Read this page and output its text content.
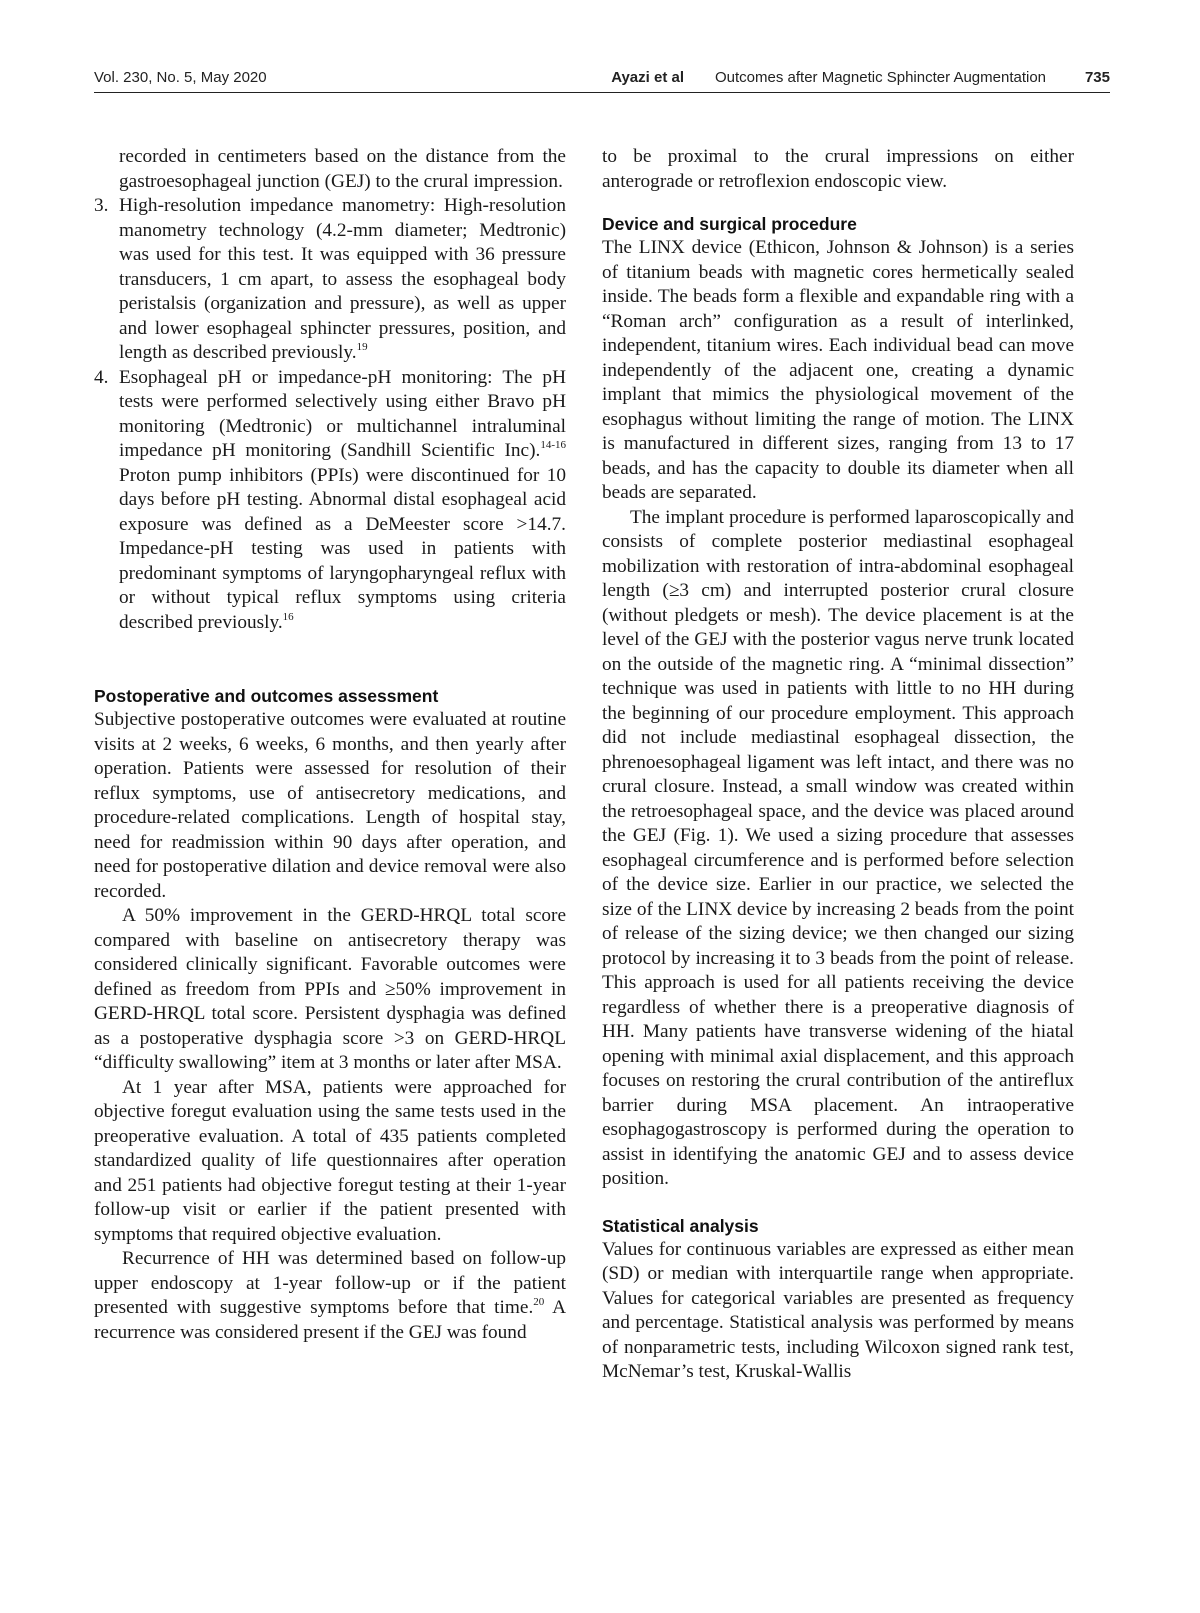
Vol. 230, No. 5, May 2020	Ayazi et al Outcomes after Magnetic Sphincter Augmentation	735

recorded in centimeters based on the distance from the gastroesophageal junction (GEJ) to the crural impression.

3. High-resolution impedance manometry: High-resolution manometry technology (4.2-mm diameter; Medtronic) was used for this test. It was equipped with 36 pressure transducers, 1 cm apart, to assess the esophageal body peristalsis (organization and pressure), as well as upper and lower esophageal sphincter pressures, position, and length as described previously.$^{19}$
4. Esophageal pH or impedance-pH monitoring: The pH tests were performed selectively using either Bravo pH monitoring (Medtronic) or multichannel intraluminal impedance pH monitoring (Sandhill Scientific Inc).$^{14-16}$ Proton pump inhibitors (PPIs) were discontinued for 10 days before pH testing. Abnormal distal esophageal acid exposure was defined as a DeMeester score >14.7. Impedance-pH testing was used in patients with predominant symptoms of laryngopharyngeal reflux with or without typical reflux symptoms using criteria described previously.$^{16}$
Postoperative and outcomes assessment

Subjective postoperative outcomes were evaluated at routine visits at 2 weeks, 6 weeks, 6 months, and then yearly after operation. Patients were assessed for resolution of their reflux symptoms, use of antisecretory medications, and procedure-related complications. Length of hospital stay, need for readmission within 90 days after operation, and need for postoperative dilation and device removal were also recorded.

A 50% improvement in the GERD-HRQL total score compared with baseline on antisecretory therapy was considered clinically significant. Favorable outcomes were defined as freedom from PPIs and ≥50% improvement in GERD-HRQL total score. Persistent dysphagia was defined as a postoperative dysphagia score >3 on GERD-HRQL “difficulty swallowing” item at 3 months or later after MSA.

At 1 year after MSA, patients were approached for objective foregut evaluation using the same tests used in the preoperative evaluation. A total of 435 patients completed standardized quality of life questionnaires after operation and 251 patients had objective foregut testing at their 1-year follow-up visit or earlier if the patient presented with symptoms that required objective evaluation.

Recurrence of HH was determined based on follow-up upper endoscopy at 1-year follow-up or if the patient presented with suggestive symptoms before that time.$^{20}$ A recurrence was considered present if the GEJ was found

to be proximal to the crural impressions on either anterograde or retroflexion endoscopic view.

Device and surgical procedure

The LINX device (Ethicon, Johnson & Johnson) is a series of titanium beads with magnetic cores hermetically sealed inside. The beads form a flexible and expandable ring with a “Roman arch” configuration as a result of interlinked, independent, titanium wires. Each individual bead can move independently of the adjacent one, creating a dynamic implant that mimics the physiological movement of the esophagus without limiting the range of motion. The LINX is manufactured in different sizes, ranging from 13 to 17 beads, and has the capacity to double its diameter when all beads are separated.

The implant procedure is performed laparoscopically and consists of complete posterior mediastinal esophageal mobilization with restoration of intra-abdominal esophageal length (≥3 cm) and interrupted posterior crural closure (without pledgets or mesh). The device placement is at the level of the GEJ with the posterior vagus nerve trunk located on the outside of the magnetic ring. A “minimal dissection” technique was used in patients with little to no HH during the beginning of our procedure employment. This approach did not include mediastinal esophageal dissection, the phrenoesophageal ligament was left intact, and there was no crural closure. Instead, a small window was created within the retroesophageal space, and the device was placed around the GEJ (Fig. 1). We used a sizing procedure that assesses esophageal circumference and is performed before selection of the device size. Earlier in our practice, we selected the size of the LINX device by increasing 2 beads from the point of release of the sizing device; we then changed our sizing protocol by increasing it to 3 beads from the point of release. This approach is used for all patients receiving the device regardless of whether there is a preoperative diagnosis of HH. Many patients have transverse widening of the hiatal opening with minimal axial displacement, and this approach focuses on restoring the crural contribution of the antireflux barrier during MSA placement. An intraoperative esophagogastroscopy is performed during the operation to assist in identifying the anatomic GEJ and to assess device position.

Statistical analysis

Values for continuous variables are expressed as either mean (SD) or median with interquartile range when appropriate. Values for categorical variables are presented as frequency and percentage. Statistical analysis was performed by means of nonparametric tests, including Wilcoxon signed rank test, McNemar’s test, Kruskal-Wallis
